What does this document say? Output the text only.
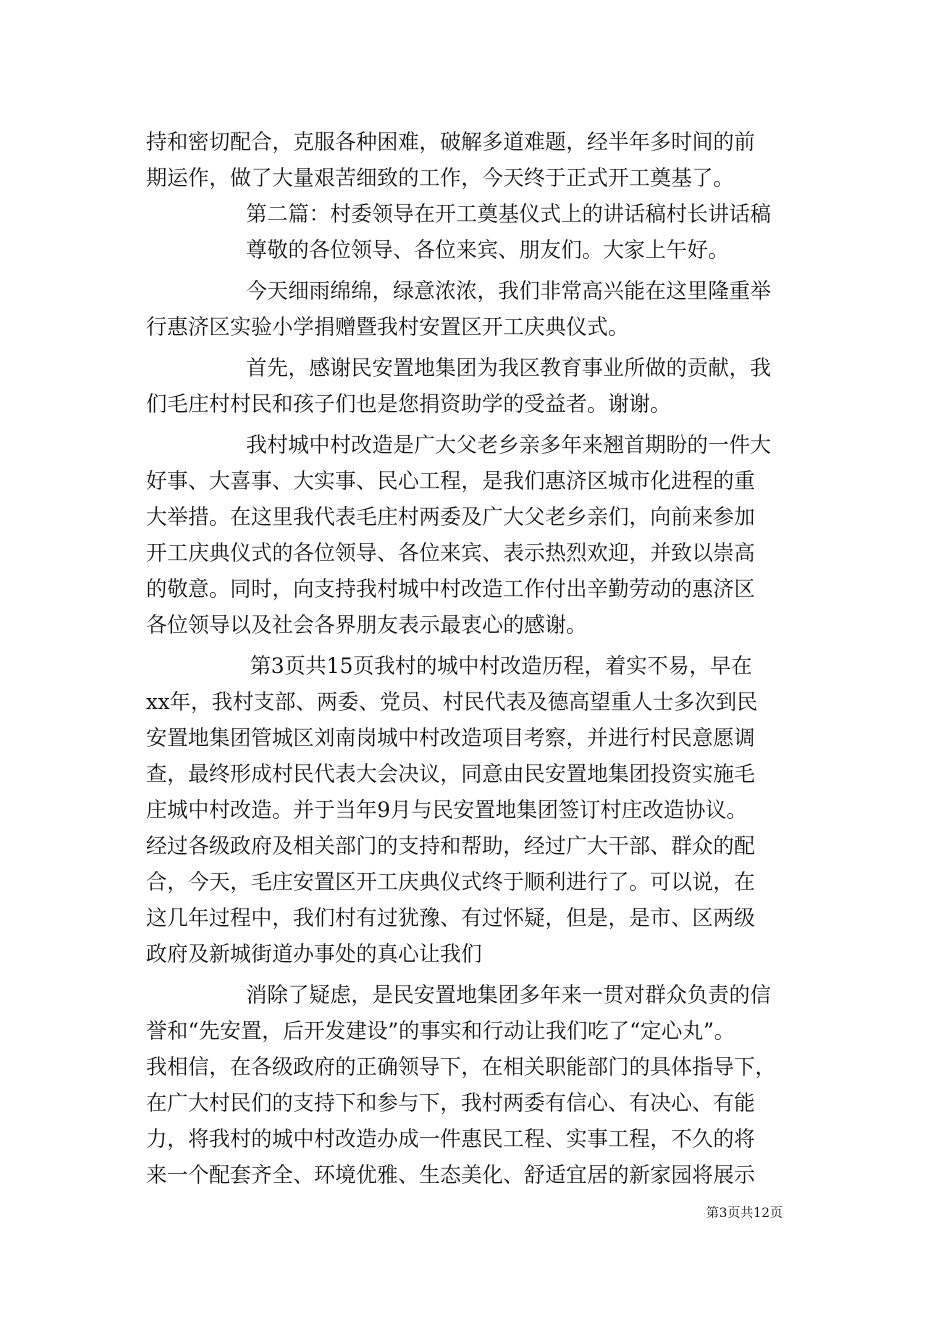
持和密切配合，克服各种困难，破解多道难题，经半年多时间的前
期运作，做了大量艰苦细致的工作，今天终于正式开工奠基了。
第二篇：村委领导在开工奠基仪式上的讲话稿村长讲话稿
尊敬的各位领导、各位来宾、朋友们。大家上午好。
今天细雨绵绵，绿意浓浓，我们非常高兴能在这里隆重举
行惠济区实验小学捐赠暨我村安置区开工庆典仪式。
首先，感谢民安置地集团为我区教育事业所做的贡献，我
们毛庄村村民和孩子们也是您捐资助学的受益者。谢谢。
我村城中村改造是广大父老乡亲多年来翘首期盼的一件大
好事、大喜事、大实事、民心工程，是我们惠济区城市化进程的重
大举措。在这里我代表毛庄村两委及广大父老乡亲们，向前来参加
开工庆典仪式的各位领导、各位来宾、表示热烈欢迎，并致以崇高
的敬意。同时，向支持我村城中村改造工作付出辛勤劳动的惠济区
各位领导以及社会各界朋友表示最衷心的感谢。
第3页共15页我村的城中村改造历程，着实不易，早在
xx年，我村支部、两委、党员、村民代表及德高望重人士多次到民
安置地集团管城区刘南岗城中村改造项目考察，并进行村民意愿调
查，最终形成村民代表大会决议，同意由民安置地集团投资实施毛
庄城中村改造。并于当年9月与民安置地集团签订村庄改造协议。
经过各级政府及相关部门的支持和帮助，经过广大干部、群众的配
合，今天，毛庄安置区开工庆典仪式终于顺利进行了。可以说，在
这几年过程中，我们村有过犹豫、有过怀疑，但是，是市、区两级
政府及新城街道办事处的真心让我们
消除了疑虑，是民安置地集团多年来一贯对群众负责的信
誉和“先安置，后开发建设”的事实和行动让我们吃了“定心丸”。
我相信，在各级政府的正确领导下，在相关职能部门的具体指导下，
在广大村民们的支持下和参与下，我村两委有信心、有决心、有能
力，将我村的城中村改造办成一件惠民工程、实事工程，不久的将
来一个配套齐全、环境优雅、生态美化、舒适宜居的新家园将展示
第3页共12页
